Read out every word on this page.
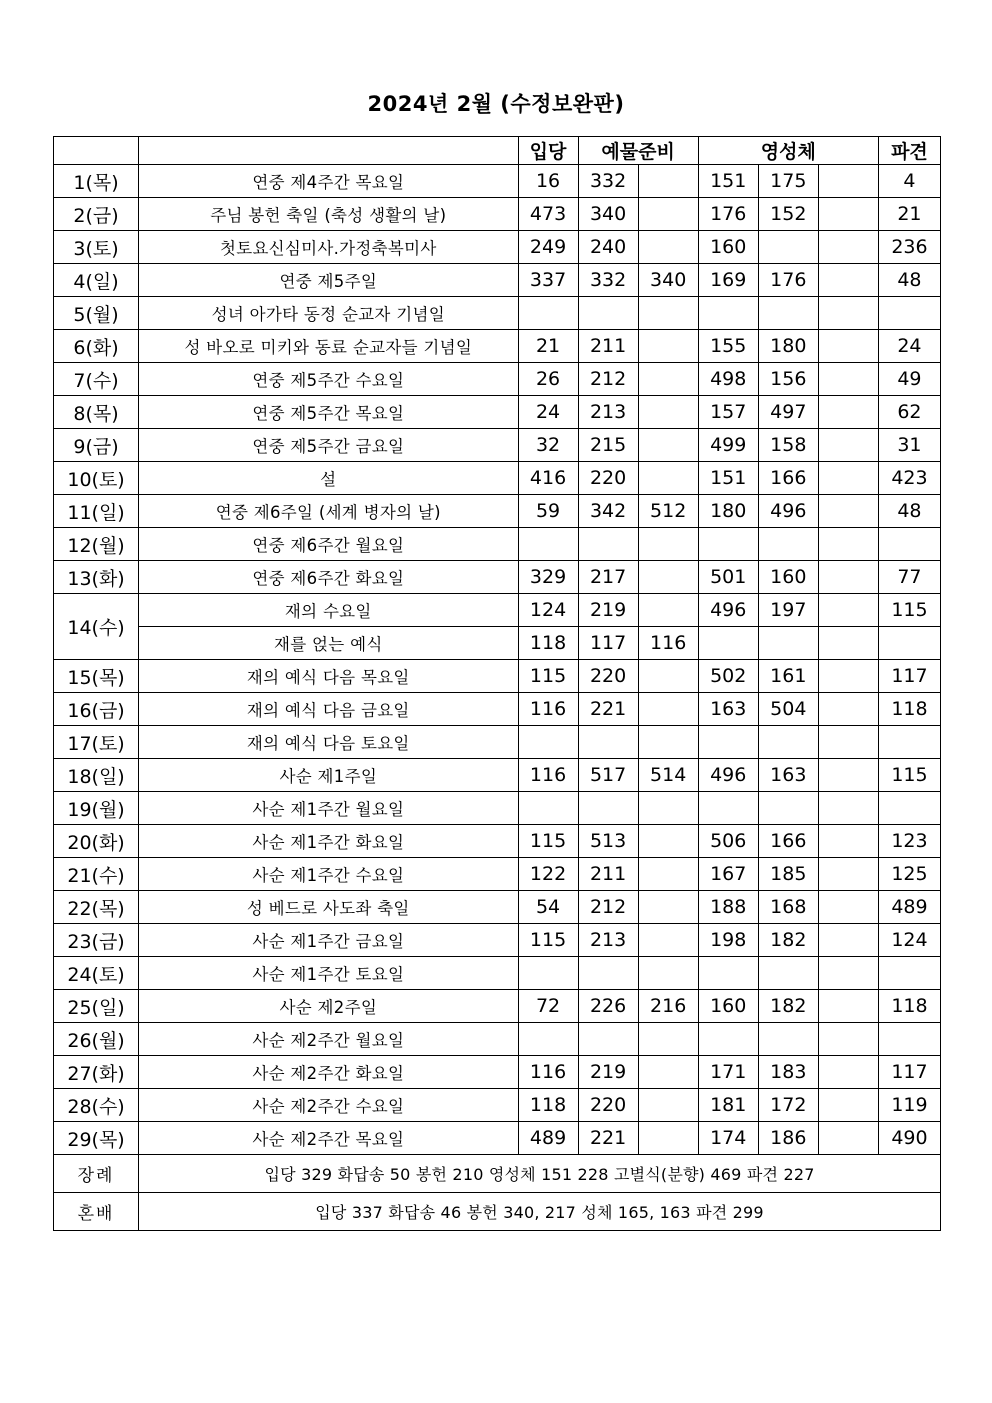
2024년 2월 (수정보완판)
		입당	예물준비		영성체			파견
1(목)	연중 제4주간 목요일	16	332		151	175		4
2(금)	주님 봉헌 축일 (축성 생활의 날)	473	340		176	152		21
3(토)	첫토요신심미사.가정축복미사	249	240		160			236
4(일)	연중 제5주일	337	332	340	169	176		48
5(월)	성녀 아가타 동정 순교자 기념일							
6(화)	성 바오로 미키와 동료 순교자들 기념일	21	211		155	180		24
7(수)	연중 제5주간 수요일	26	212		498	156		49
8(목)	연중 제5주간 목요일	24	213		157	497		62
9(금)	연중 제5주간 금요일	32	215		499	158		31
10(토)	설	416	220		151	166		423
11(일)	연중 제6주일 (세계 병자의 날)	59	342	512	180	496		48
12(월)	연중 제6주간 월요일							
13(화)	연중 제6주간 화요일	329	217		501	160		77
14(수)	재의 수요일	124	219		496	197		115
	재를 얹는 예식	118	117	116				
15(목)	재의 예식 다음 목요일	115	220		502	161		117
16(금)	재의 예식 다음 금요일	116	221		163	504		118
17(토)	재의 예식 다음 토요일							
18(일)	사순 제1주일	116	517	514	496	163		115
19(월)	사순 제1주간 월요일							
20(화)	사순 제1주간 화요일	115	513		506	166		123
21(수)	사순 제1주간 수요일	122	211		167	185		125
22(목)	성 베드로 사도좌 축일	54	212		188	168		489
23(금)	사순 제1주간 금요일	115	213		198	182		124
24(토)	사순 제1주간 토요일							
25(일)	사순 제2주일	72	226	216	160	182		118
26(월)	사순 제2주간 월요일							
27(화)	사순 제2주간 화요일	116	219		171	183		117
28(수)	사순 제2주간 수요일	118	220		181	172		119
29(목)	사순 제2주간 목요일	489	221		174	186		490
장례	입당 329 화답송 50 봉헌 210 영성체 151 228 고별식(분향) 469 파견 227							
혼배	입당 337 화답송 46 봉헌 340, 217 성체 165, 163 파견 299							
